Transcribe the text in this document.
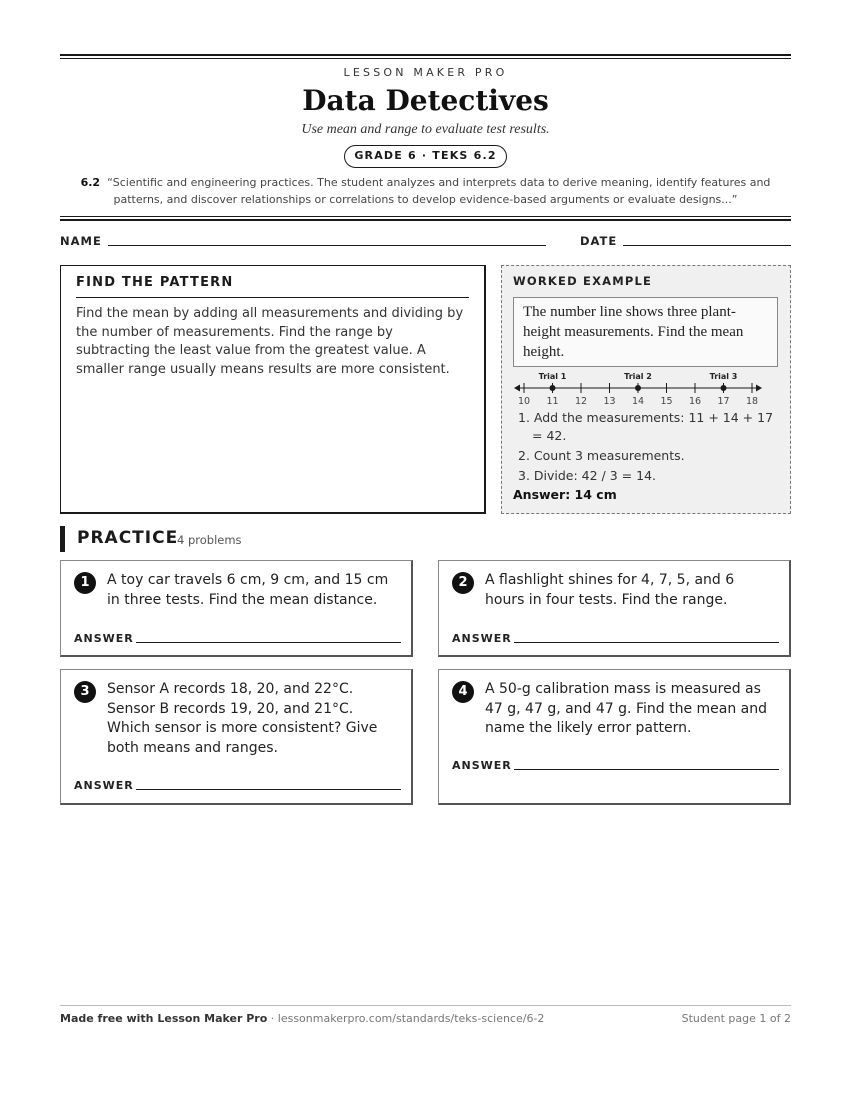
LESSON MAKER PRO
Data Detectives
Use mean and range to evaluate test results.
GRADE 6 · TEKS 6.2
6.2 “Scientific and engineering practices. The student analyzes and interprets data to derive meaning, identify features and patterns, and discover relationships or correlations to develop evidence-based arguments or evaluate designs...”
NAME	DATE
FIND THE PATTERN
Find the mean by adding all measurements and dividing by the number of measurements. Find the range by subtracting the least value from the greatest value. A smaller range usually means results are more consistent.
WORKED EXAMPLE
The number line shows three plant-height measurements. Find the mean height.
10 11 12 13 14 15 16 17 18
Trial 1	Trial 2	Trial 3
1. Add the measurements: 11 + 14 + 17 = 42.
2. Count 3 measurements.
3. Divide: 42 / 3 = 14.
Answer: 14 cm
PRACTICE
4 problems
1	A toy car travels 6 cm, 9 cm, and 15 cm in three tests. Find the mean distance.
ANSWER
2	A flashlight shines for 4, 7, 5, and 6 hours in four tests. Find the range.
ANSWER
3	Sensor A records 18, 20, and 22°C. Sensor B records 19, 20, and 21°C. Which sensor is more consistent? Give both means and ranges.
ANSWER
4	A 50-g calibration mass is measured as 47 g, 47 g, and 47 g. Find the mean and name the likely error pattern.
ANSWER
Made free with Lesson Maker Pro · lessonmakerpro.com/standards/teks-science/6-2	Student page 1 of 2
